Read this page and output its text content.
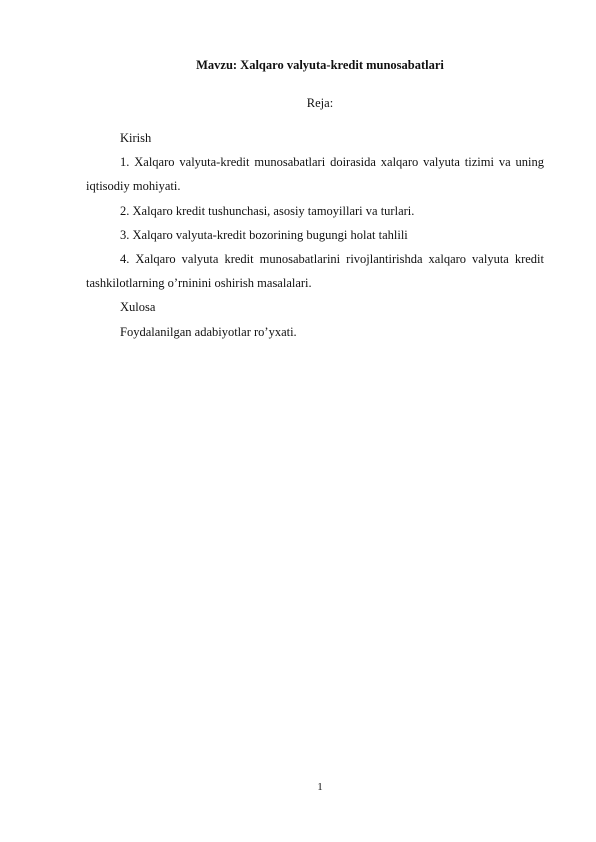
Mavzu: Xalqaro valyuta-kredit munosabatlari
Reja:

Kirish

1. Xalqaro valyuta-kredit munosabatlari doirasida xalqaro valyuta tizimi va uning iqtisodiy mohiyati.

2. Xalqaro kredit tushunchasi, asosiy tamoyillari va turlari.

3. Xalqaro valyuta-kredit bozorining bugungi holat tahlili

4. Xalqaro valyuta kredit munosabatlarini rivojlantirishda xalqaro valyuta kredit tashkilotlarning o’rninini oshirish masalalari.

Xulosa

Foydalanilgan adabiyotlar ro’yxati.

1
